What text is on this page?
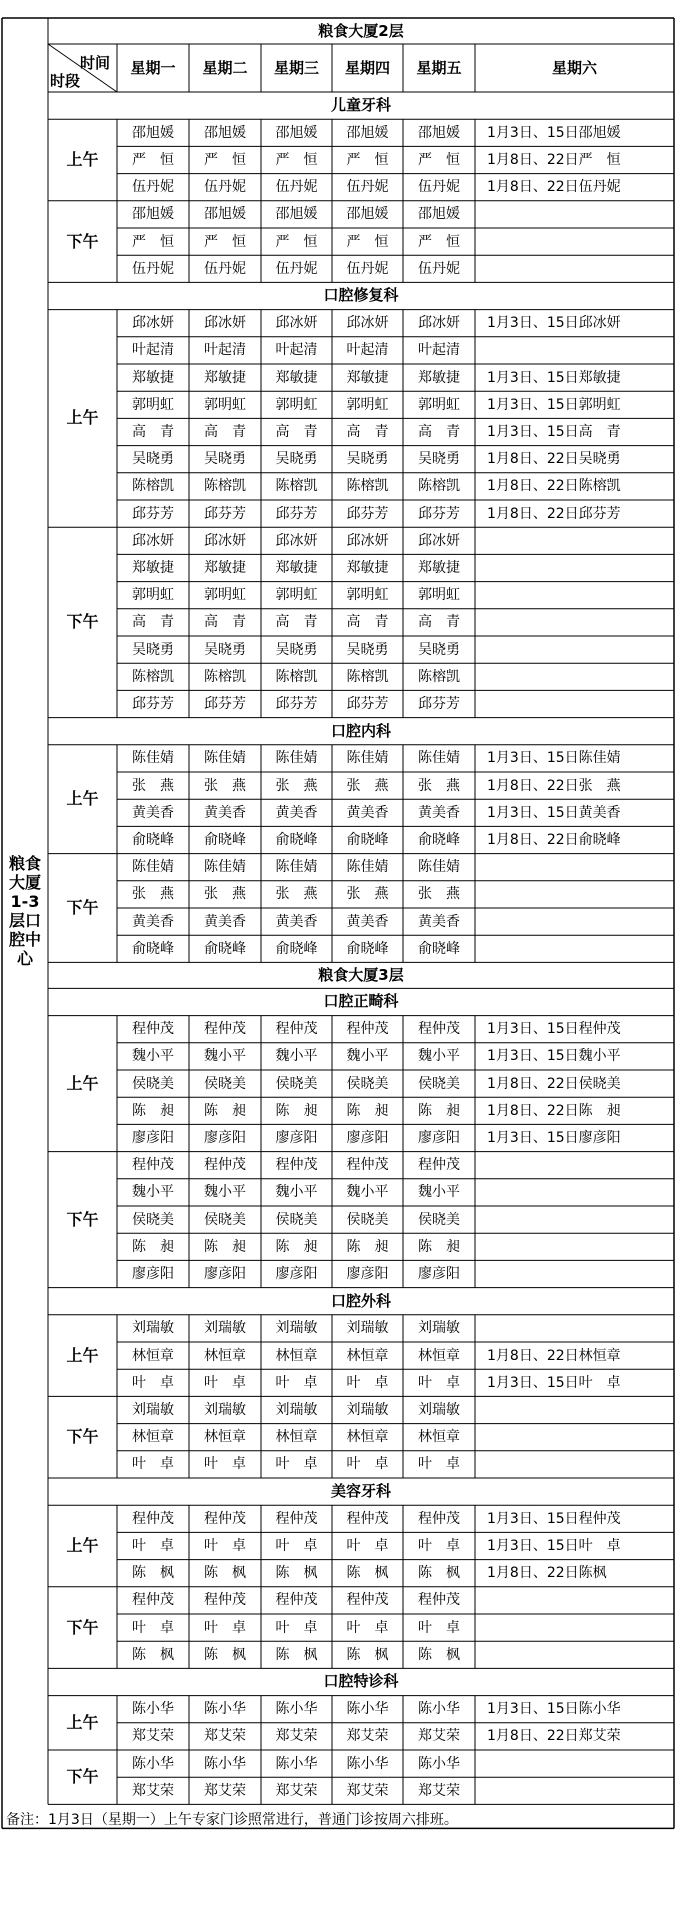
粮食
大厦
1-3
层口
腔中
心
粮食大厦2层
时间
时段
星期一	星期二	星期三	星期四	星期五	星期六
儿童牙科
邵旭媛	邵旭媛	邵旭媛	邵旭媛	邵旭媛	1月3日、15日邵旭媛
严　恒	严　恒	严　恒	严　恒	严　恒	1月8日、22日严　恒
伍丹妮	伍丹妮	伍丹妮	伍丹妮	伍丹妮	1月8日、22日伍丹妮
上午
邵旭媛	邵旭媛	邵旭媛	邵旭媛	邵旭媛
严　恒	严　恒	严　恒	严　恒	严　恒
伍丹妮	伍丹妮	伍丹妮	伍丹妮	伍丹妮
下午
口腔修复科
邱冰妍	邱冰妍	邱冰妍	邱冰妍	邱冰妍	1月3日、15日邱冰妍
叶起清	叶起清	叶起清	叶起清	叶起清
郑敏捷	郑敏捷	郑敏捷	郑敏捷	郑敏捷	1月3日、15日郑敏捷
郭明虹	郭明虹	郭明虹	郭明虹	郭明虹	1月3日、15日郭明虹
高　青	高　青	高　青	高　青	高　青	1月3日、15日高　青
吴晓勇	吴晓勇	吴晓勇	吴晓勇	吴晓勇	1月8日、22日吴晓勇
陈榕凯	陈榕凯	陈榕凯	陈榕凯	陈榕凯	1月8日、22日陈榕凯
邱芬芳	邱芬芳	邱芬芳	邱芬芳	邱芬芳	1月8日、22日邱芬芳
上午
邱冰妍	邱冰妍	邱冰妍	邱冰妍	邱冰妍
郑敏捷	郑敏捷	郑敏捷	郑敏捷	郑敏捷
郭明虹	郭明虹	郭明虹	郭明虹	郭明虹
高　青	高　青	高　青	高　青	高　青
吴晓勇	吴晓勇	吴晓勇	吴晓勇	吴晓勇
陈榕凯	陈榕凯	陈榕凯	陈榕凯	陈榕凯
邱芬芳	邱芬芳	邱芬芳	邱芬芳	邱芬芳
下午
口腔内科
陈佳婧	陈佳婧	陈佳婧	陈佳婧	陈佳婧	1月3日、15日陈佳婧
张　燕	张　燕	张　燕	张　燕	张　燕	1月8日、22日张　燕
黄美香	黄美香	黄美香	黄美香	黄美香	1月3日、15日黄美香
俞晓峰	俞晓峰	俞晓峰	俞晓峰	俞晓峰	1月8日、22日俞晓峰
上午
陈佳婧	陈佳婧	陈佳婧	陈佳婧	陈佳婧
张　燕	张　燕	张　燕	张　燕	张　燕
黄美香	黄美香	黄美香	黄美香	黄美香
俞晓峰	俞晓峰	俞晓峰	俞晓峰	俞晓峰
下午
粮食大厦3层
口腔正畸科
程仲茂	程仲茂	程仲茂	程仲茂	程仲茂	1月3日、15日程仲茂
魏小平	魏小平	魏小平	魏小平	魏小平	1月3日、15日魏小平
侯晓美	侯晓美	侯晓美	侯晓美	侯晓美	1月8日、22日侯晓美
陈　昶	陈　昶	陈　昶	陈　昶	陈　昶	1月8日、22日陈　昶
廖彦阳	廖彦阳	廖彦阳	廖彦阳	廖彦阳	1月3日、15日廖彦阳
上午
程仲茂	程仲茂	程仲茂	程仲茂	程仲茂
魏小平	魏小平	魏小平	魏小平	魏小平
侯晓美	侯晓美	侯晓美	侯晓美	侯晓美
陈　昶	陈　昶	陈　昶	陈　昶	陈　昶
廖彦阳	廖彦阳	廖彦阳	廖彦阳	廖彦阳
下午
口腔外科
刘瑞敏	刘瑞敏	刘瑞敏	刘瑞敏	刘瑞敏
林恒章	林恒章	林恒章	林恒章	林恒章	1月8日、22日林恒章
叶　卓	叶　卓	叶　卓	叶　卓	叶　卓	1月3日、15日叶　卓
上午
刘瑞敏	刘瑞敏	刘瑞敏	刘瑞敏	刘瑞敏
林恒章	林恒章	林恒章	林恒章	林恒章
叶　卓	叶　卓	叶　卓	叶　卓	叶　卓
下午
美容牙科
程仲茂	程仲茂	程仲茂	程仲茂	程仲茂	1月3日、15日程仲茂
叶　卓	叶　卓	叶　卓	叶　卓	叶　卓	1月3日、15日叶　卓
陈　枫	陈　枫	陈　枫	陈　枫	陈　枫	1月8日、22日陈枫
上午
程仲茂	程仲茂	程仲茂	程仲茂	程仲茂
叶　卓	叶　卓	叶　卓	叶　卓	叶　卓
陈　枫	陈　枫	陈　枫	陈　枫	陈　枫
下午
口腔特诊科
陈小华	陈小华	陈小华	陈小华	陈小华	1月3日、15日陈小华
郑艾荣	郑艾荣	郑艾荣	郑艾荣	郑艾荣	1月8日、22日郑艾荣
上午
陈小华	陈小华	陈小华	陈小华	陈小华
郑艾荣	郑艾荣	郑艾荣	郑艾荣	郑艾荣
下午
备注：1月3日（星期一）上午专家门诊照常进行，普通门诊按周六排班。
